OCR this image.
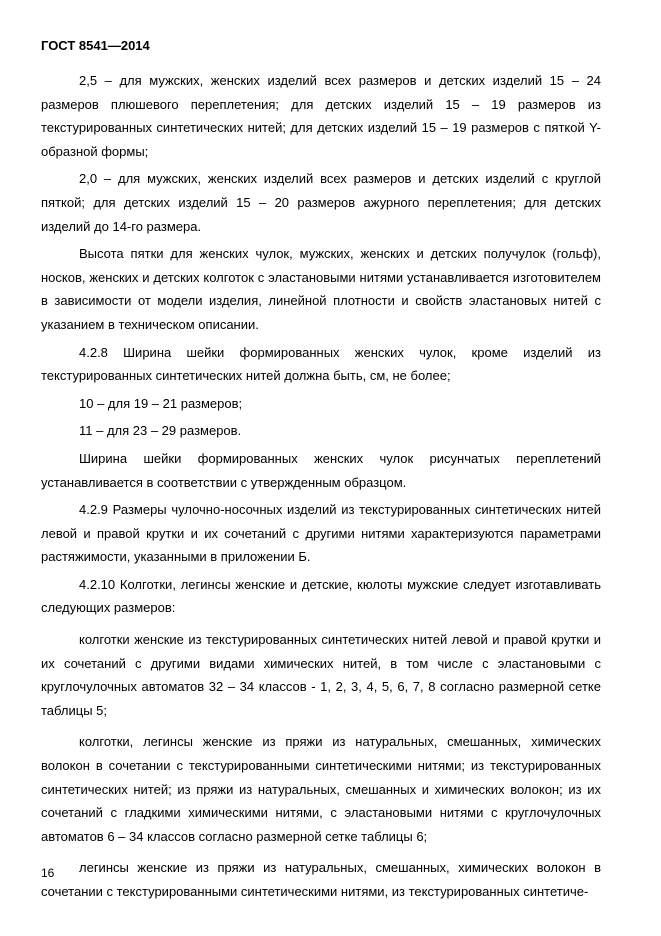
ГОСТ 8541—2014

2,5 – для мужских, женских изделий всех размеров и детских изделий 15 – 24 размеров плюшевого переплетения; для детских изделий 15 – 19 размеров из текстурированных синтетических нитей; для детских изделий 15 – 19 размеров с пяткой Y-образной формы;

2,0 – для мужских, женских изделий всех размеров и детских изделий с круглой пяткой; для детских изделий 15 – 20 размеров ажурного переплетения; для детских изделий до 14-го размера.

Высота пятки для женских чулок, мужских, женских и детских получулок (гольф), носков, женских и детских колготок с эластановыми нитями устанавливается изготовителем в зависимости от модели изделия, линейной плотности и свойств эластановых нитей с указанием в техническом описании.

4.2.8 Ширина шейки формированных женских чулок, кроме изделий из текстурированных синтетических нитей должна быть, см, не более;

10 – для 19 – 21 размеров;

11 – для 23 – 29 размеров.

Ширина шейки формированных женских чулок рисунчатых переплетений устанавливается в соответствии с утвержденным образцом.

4.2.9 Размеры чулочно-носочных изделий из текстурированных синтетических нитей левой и правой крутки и их сочетаний с другими нитями характеризуются параметрами растяжимости, указанными в приложении Б.

4.2.10 Колготки, легинсы женские и детские, кюлоты мужские следует изготавливать следующих размеров:

колготки женские из текстурированных синтетических нитей левой и правой крутки и их сочетаний с другими видами химических нитей, в том числе с эластановыми с круглочулочных автоматов 32 – 34 классов - 1, 2, 3, 4, 5, 6, 7, 8 согласно размерной сетке таблицы 5;

колготки, легинсы женские из пряжи из натуральных, смешанных, химических волокон в сочетании с текстурированными синтетическими нитями; из текстурированных синтетических нитей; из пряжи из натуральных, смешанных и химических волокон; из их сочетаний с гладкими химическими нитями, с эластановыми нитями с круглочулочных автоматов 6 – 34 классов согласно размерной сетке таблицы 6;

легинсы женские из пряжи из натуральных, смешанных, химических волокон в сочетании с текстурированными синтетическими нитями, из текстурированных синтетиче-

16
